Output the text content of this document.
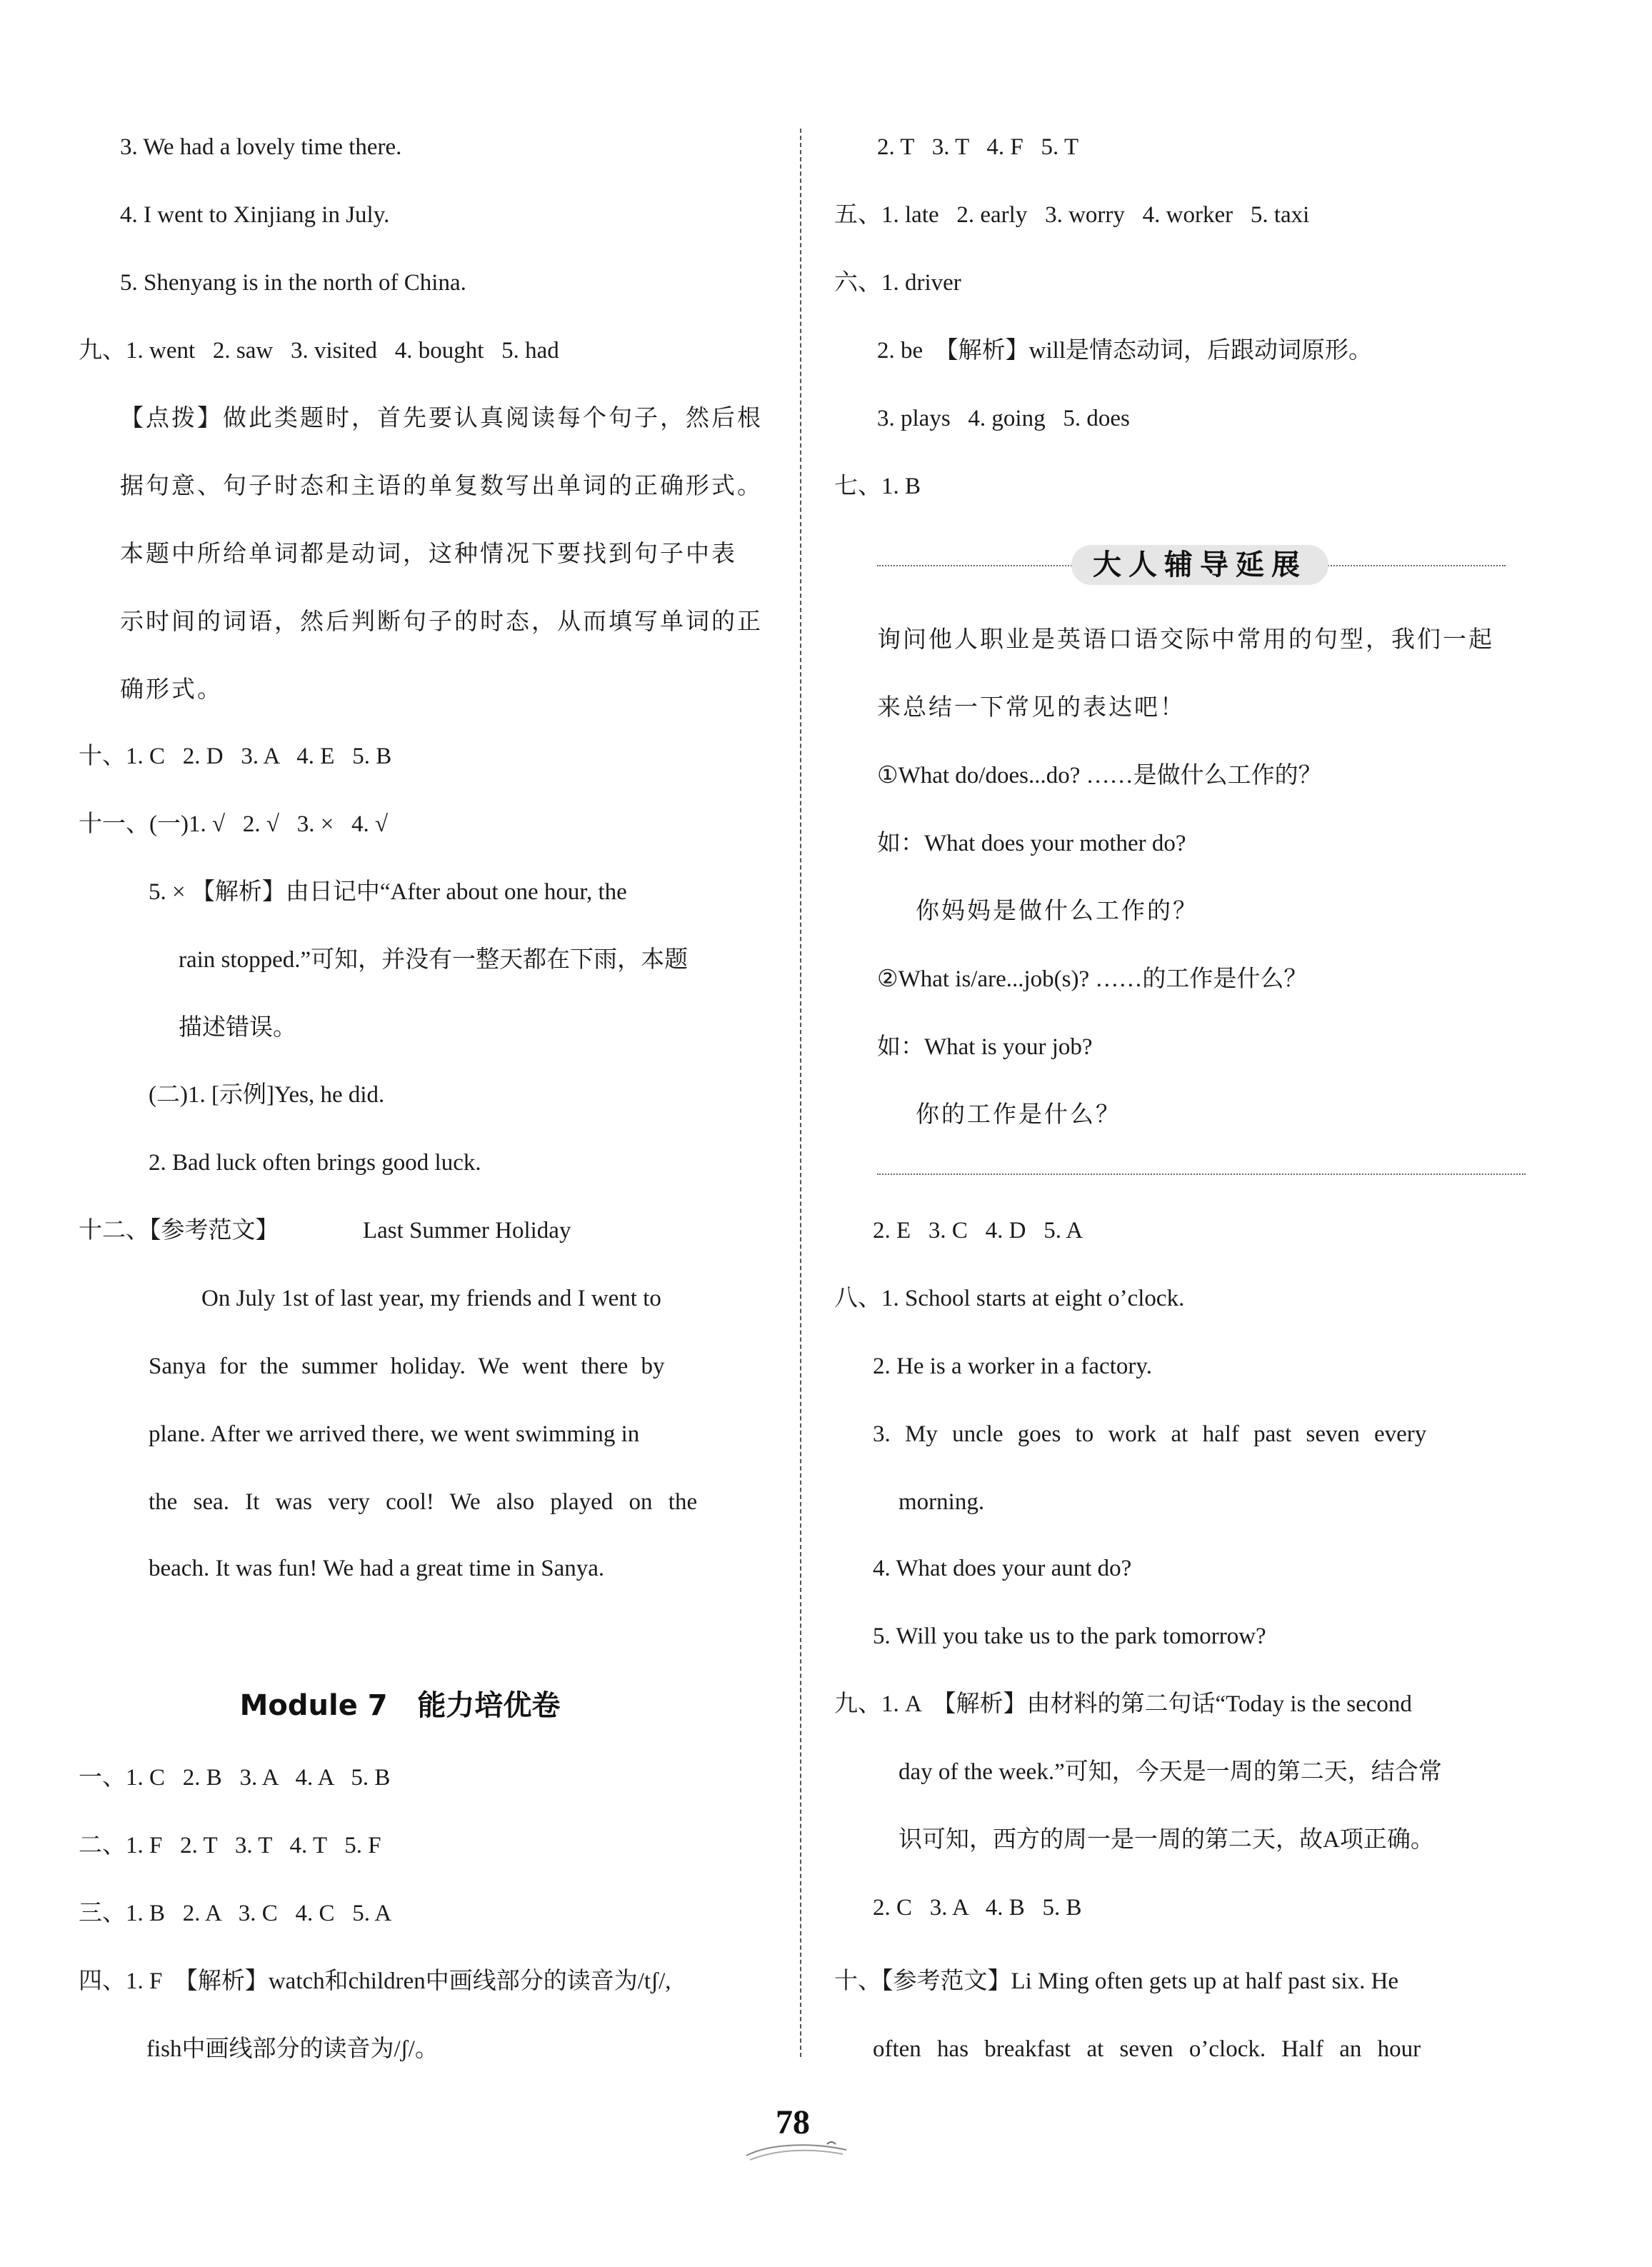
3. We had a lovely time there.
4. I went to Xinjiang in July.
5. Shenyang is in the north of China.
九、1. went   2. saw   3. visited   4. bought   5. had
【点拨】做此类题时，首先要认真阅读每个句子，然后根
据句意、句子时态和主语的单复数写出单词的正确形式。
本题中所给单词都是动词，这种情况下要找到句子中表
示时间的词语，然后判断句子的时态，从而填写单词的正
确形式。
十、1. C   2. D   3. A   4. E   5. B
十一、(一)1. √   2. √   3. ×   4. √
5. × 【解析】由日记中“After about one hour, the
rain stopped.”可知，并没有一整天都在下雨，本题
描述错误。
(二)1. [示例]Yes, he did.
2. Bad luck often brings good luck.
十二、【参考范文】	Last Summer Holiday
On July 1st of last year, my friends and I went to
Sanya for the summer holiday. We went there by
plane. After we arrived there, we went swimming in
the sea. It was very cool! We also played on the
beach. It was fun! We had a great time in Sanya.
Module 7   能力培优卷
一、1. C   2. B   3. A   4. A   5. B
二、1. F   2. T   3. T   4. T   5. F
三、1. B   2. A   3. C   4. C   5. A
四、1. F  【解析】watch和children中画线部分的读音为/tʃ/,
fish中画线部分的读音为/ʃ/。
2. T   3. T   4. F   5. T
五、1. late   2. early   3. worry   4. worker   5. taxi
六、1. driver
2. be  【解析】will是情态动词，后跟动词原形。
3. plays   4. going   5. does
七、1. B
大人辅导延展
询问他人职业是英语口语交际中常用的句型，我们一起
来总结一下常见的表达吧！
①What do/does...do? ……是做什么工作的？
如：What does your mother do?
你妈妈是做什么工作的？
②What is/are...job(s)? ……的工作是什么？
如：What is your job?
你的工作是什么？
2. E   3. C   4. D   5. A
八、1. School starts at eight o’clock.
2. He is a worker in a factory.
3. My uncle goes to work at half past seven every
morning.
4. What does your aunt do?
5. Will you take us to the park tomorrow?
九、1. A  【解析】由材料的第二句话“Today is the second
day of the week.”可知，今天是一周的第二天，结合常
识可知，西方的周一是一周的第二天，故A项正确。
2. C   3. A   4. B   5. B
十、【参考范文】Li Ming often gets up at half past six. He
often has breakfast at seven o’clock. Half an hour
78
